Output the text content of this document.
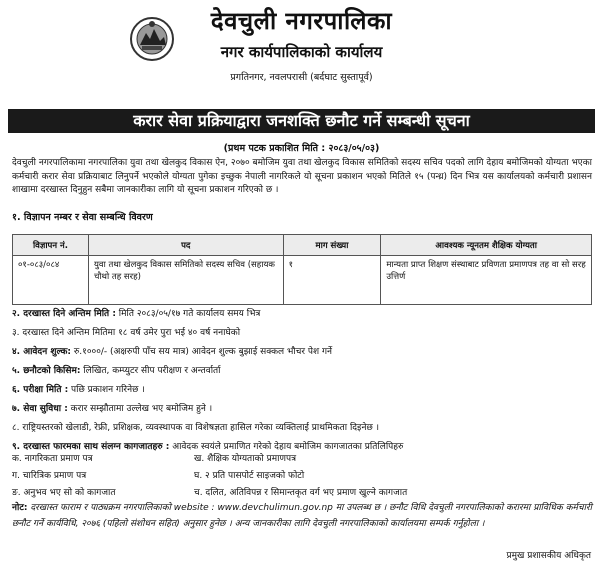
देवचुली नगरपालिका
नगर कार्यपालिकाको कार्यालय
प्रगतिनगर, नवलपरासी (बर्दघाट सुस्तापूर्व)
करार सेवा प्रक्रियाद्वारा जनशक्ति छनौट गर्ने सम्बन्धी सूचना
(प्रथम पटक प्रकाशित मिति : २०८३/०५/०३)
देवचुली नगरपालिकामा नगरपालिका युवा तथा खेलकुद विकास ऐन, २०७० बमोजिम युवा तथा खेलकुद विकास समितिको सदस्य सचिव पदको लागि देहाय बमोजिमको योग्यता भएका कर्मचारी करार सेवा प्रक्रियाबाट लिनुपर्ने भएकोले योग्यता पुगेका इच्छुक नेपाली नागरिकले यो सूचना प्रकाशन भएको मितिले १५ (पन्ध्र) दिन भित्र यस कार्यालयको कर्मचारी प्रशासन शाखामा दरखास्त दिनुहुन सबैमा जानकारीका लागि यो सूचना प्रकाशन गरिएको छ ।
१. विज्ञापन नम्बर र सेवा सम्बन्धि विवरण
विज्ञापन नं.	पद	माग संख्या	आवश्यक न्यूनतम शैक्षिक योग्यता
०१-०८३/०८४	युवा तथा खेलकुद विकास समितिको सदस्य सचिव (सहायक चौथो तह सरह)	१	मान्यता प्राप्त शिक्षण संस्थाबाट प्रविणता प्रमाणपत्र तह वा सो सरह उत्तिर्ण
२. दरखास्त दिने अन्तिम मिति : मिति २०८३/०५/१७ गते कार्यालय समय भित्र
३. दरखास्त दिने अन्तिम मितिमा १८ वर्ष उमेर पुरा भई ४० वर्ष ननाघेको
४. आवेदन शुल्क: रु.१०००/- (अक्षरुपी पाँच सय मात्र) आवेदन शुल्क बुझाई सक्कल भौचर पेश गर्ने
५. छनौटको किसिम: लिखित, कम्प्युटर सीप परीक्षण र अन्तर्वार्ता
६. परीक्षा मिति : पछि प्रकाशन गरिनेछ ।
७. सेवा सुविधा : करार सम्झौतामा उल्लेख भए बमोजिम हुने ।
८. राष्ट्रियस्तरको खेलाडी, रेफ्री, प्रशिक्षक, व्यवस्थापक वा विशेषज्ञता हासिल गरेका व्यक्तिलाई प्राथमिकता दिइनेछ ।
९. दरखास्त फारमका साथ संलग्न कागजातहरु : आवेदक स्वयंले प्रमाणित गरेको देहाय बमोजिम कागजातका प्रतिलिपिहरु
क. नागरिकता प्रमाण पत्र	ख. शैक्षिक योग्यताको प्रमाणपत्र
ग. चारित्रिक प्रमाण पत्र	घ. २ प्रति पासपोर्ट साइजको फोटो
ङ. अनुभव भए सो को कागजात	च. दलित, अतिविपन्न र सिमान्तकृत वर्ग भए प्रमाण खुल्ने कागजात
नोट: दरखास्त फाराम र पाठ्यक्रम नगरपालिकाको website : www.devchulimun.gov.np मा उपलब्ध छ । छनौट विधि देवचुली नगरपालिकाको करारमा प्राविधिक कर्मचारी छनौट गर्ने कार्यविधि, २०७६ (पहिलो संशोधन सहित) अनुसार हुनेछ । अन्य जानकारीका लागि देवचुली नगरपालिकाको कार्यालयमा सम्पर्क गर्नुहोला ।
प्रमुख प्रशासकीय अधिकृत
